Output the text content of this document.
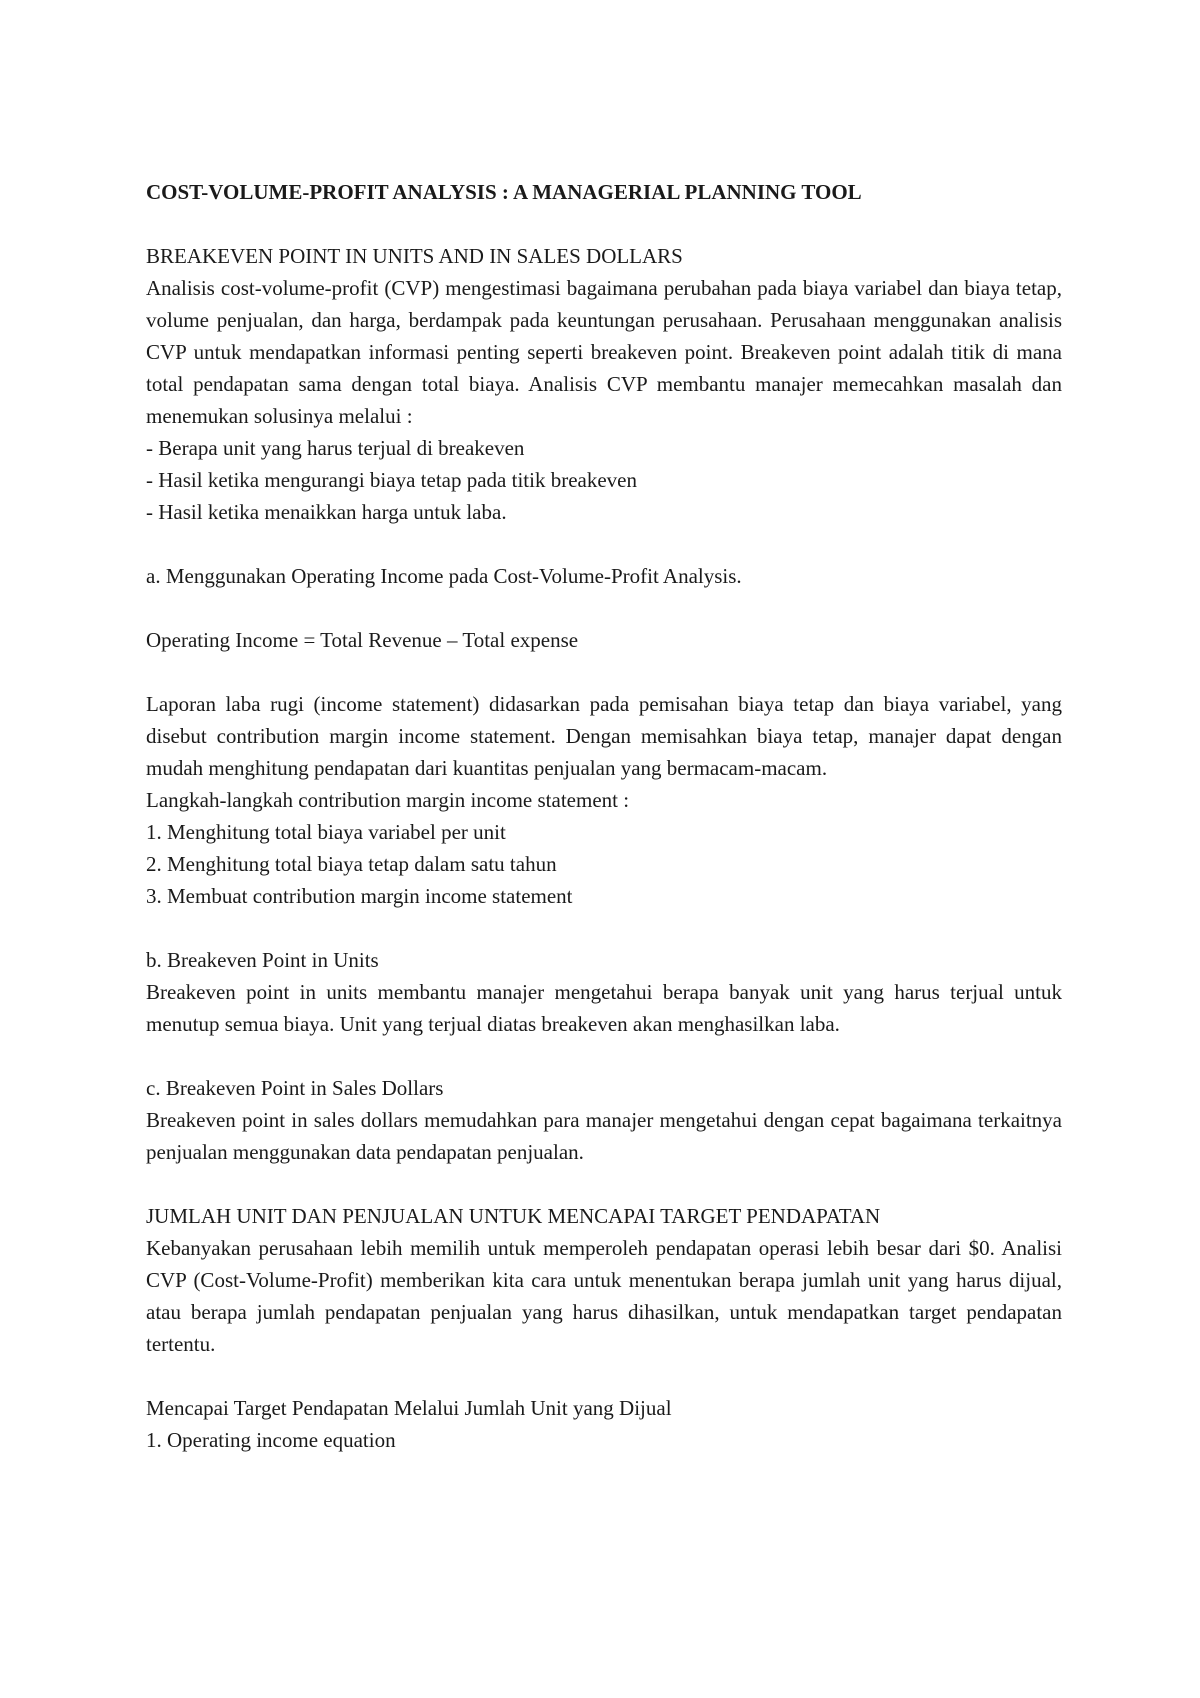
COST-VOLUME-PROFIT ANALYSIS : A MANAGERIAL PLANNING TOOL

BREAKEVEN POINT IN UNITS AND IN SALES DOLLARS

Analisis cost-volume-profit (CVP) mengestimasi bagaimana perubahan pada biaya variabel dan biaya tetap, volume penjualan, dan harga, berdampak pada keuntungan perusahaan. Perusahaan menggunakan analisis CVP untuk mendapatkan informasi penting seperti breakeven point. Breakeven point adalah titik di mana total pendapatan sama dengan total biaya. Analisis CVP membantu manajer memecahkan masalah dan menemukan solusinya melalui :

- Berapa unit yang harus terjual di breakeven

- Hasil ketika mengurangi biaya tetap pada titik breakeven

- Hasil ketika menaikkan harga untuk laba.

a. Menggunakan Operating Income pada Cost-Volume-Profit Analysis.

Operating Income = Total Revenue – Total expense

Laporan laba rugi (income statement) didasarkan pada pemisahan biaya tetap dan biaya variabel, yang disebut contribution margin income statement. Dengan memisahkan biaya tetap, manajer dapat dengan mudah menghitung pendapatan dari kuantitas penjualan yang bermacam-macam.

Langkah-langkah contribution margin income statement :

1. Menghitung total biaya variabel per unit

2. Menghitung total biaya tetap dalam satu tahun

3. Membuat contribution margin income statement

b. Breakeven Point in Units

Breakeven point in units membantu manajer mengetahui berapa banyak unit yang harus terjual untuk menutup semua biaya. Unit yang terjual diatas breakeven akan menghasilkan laba.

c. Breakeven Point in Sales Dollars

Breakeven point in sales dollars memudahkan para manajer mengetahui dengan cepat bagaimana terkaitnya penjualan menggunakan data pendapatan penjualan.

JUMLAH UNIT DAN PENJUALAN UNTUK MENCAPAI TARGET PENDAPATAN

Kebanyakan perusahaan lebih memilih untuk memperoleh pendapatan operasi lebih besar dari $0. Analisi CVP (Cost-Volume-Profit) memberikan kita cara untuk menentukan berapa jumlah unit yang harus dijual, atau berapa jumlah pendapatan penjualan yang harus dihasilkan, untuk mendapatkan target pendapatan tertentu.

Mencapai Target Pendapatan Melalui Jumlah Unit yang Dijual

1. Operating income equation
